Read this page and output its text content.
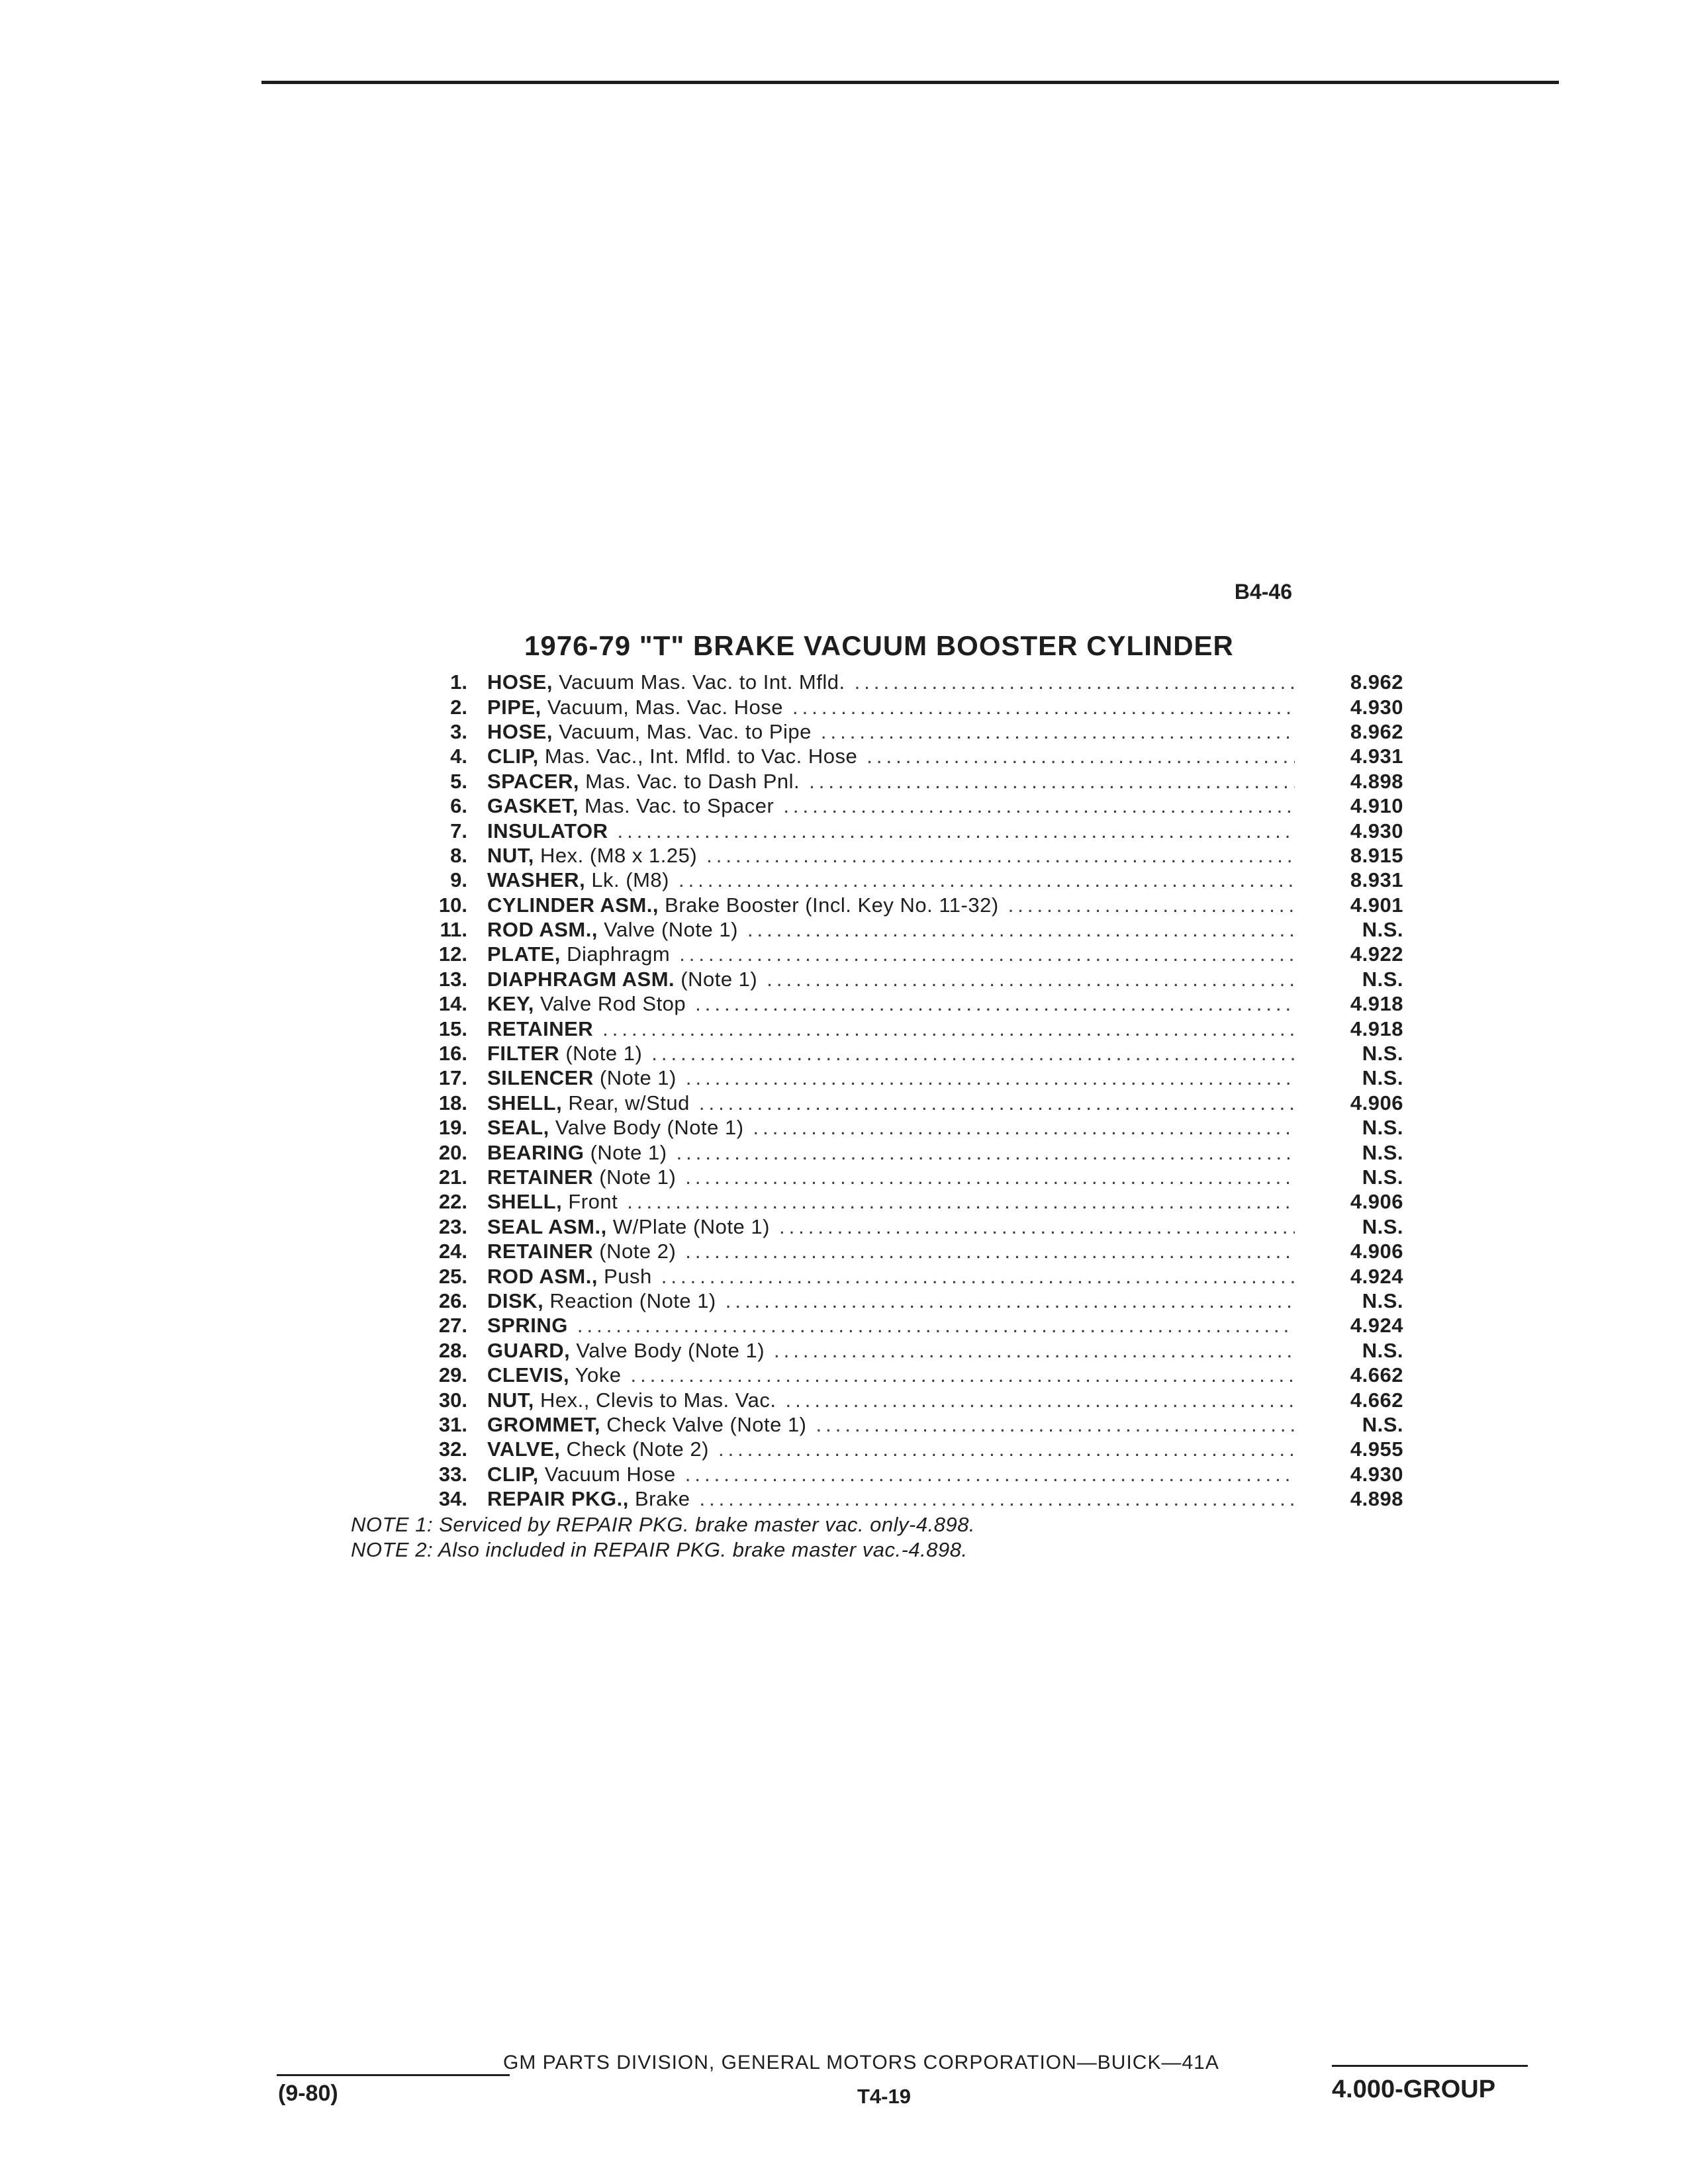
B4-46
1976-79 "T" BRAKE VACUUM BOOSTER CYLINDER
1. HOSE, Vacuum Mas. Vac. to Int. Mfld. .....	8.962
2. PIPE, Vacuum, Mas. Vac. Hose .....	4.930
3. HOSE, Vacuum, Mas. Vac. to Pipe .....	8.962
4. CLIP, Mas. Vac., Int. Mfld. to Vac. Hose .....	4.931
5. SPACER, Mas. Vac. to Dash Pnl. .....	4.898
6. GASKET, Mas. Vac. to Spacer .....	4.910
7. INSULATOR .....	4.930
8. NUT, Hex. (M8 x 1.25) .....	8.915
9. WASHER, Lk. (M8) .....	8.931
10. CYLINDER ASM., Brake Booster (Incl. Key No. 11-32) .....	4.901
11. ROD ASM., Valve (Note 1) .....	N.S.
12. PLATE, Diaphragm .....	4.922
13. DIAPHRAGM ASM. (Note 1) .....	N.S.
14. KEY, Valve Rod Stop .....	4.918
15. RETAINER .....	4.918
16. FILTER (Note 1) .....	N.S.
17. SILENCER (Note 1) .....	N.S.
18. SHELL, Rear, w/Stud .....	4.906
19. SEAL, Valve Body (Note 1) .....	N.S.
20. BEARING (Note 1) .....	N.S.
21. RETAINER (Note 1) .....	N.S.
22. SHELL, Front .....	4.906
23. SEAL ASM., W/Plate (Note 1) .....	N.S.
24. RETAINER (Note 2) .....	4.906
25. ROD ASM., Push .....	4.924
26. DISK, Reaction (Note 1) .....	N.S.
27. SPRING .....	4.924
28. GUARD, Valve Body (Note 1) .....	N.S.
29. CLEVIS, Yoke .....	4.662
30. NUT, Hex., Clevis to Mas. Vac. .....	4.662
31. GROMMET, Check Valve (Note 1) .....	N.S.
32. VALVE, Check (Note 2) .....	4.955
33. CLIP, Vacuum Hose .....	4.930
34. REPAIR PKG., Brake .....	4.898
NOTE 1: Serviced by REPAIR PKG. brake master vac. only-4.898.
NOTE 2: Also included in REPAIR PKG. brake master vac.-4.898.
GM PARTS DIVISION, GENERAL MOTORS CORPORATION—BUICK—41A
(9-80)	T4-19	4.000-GROUP
